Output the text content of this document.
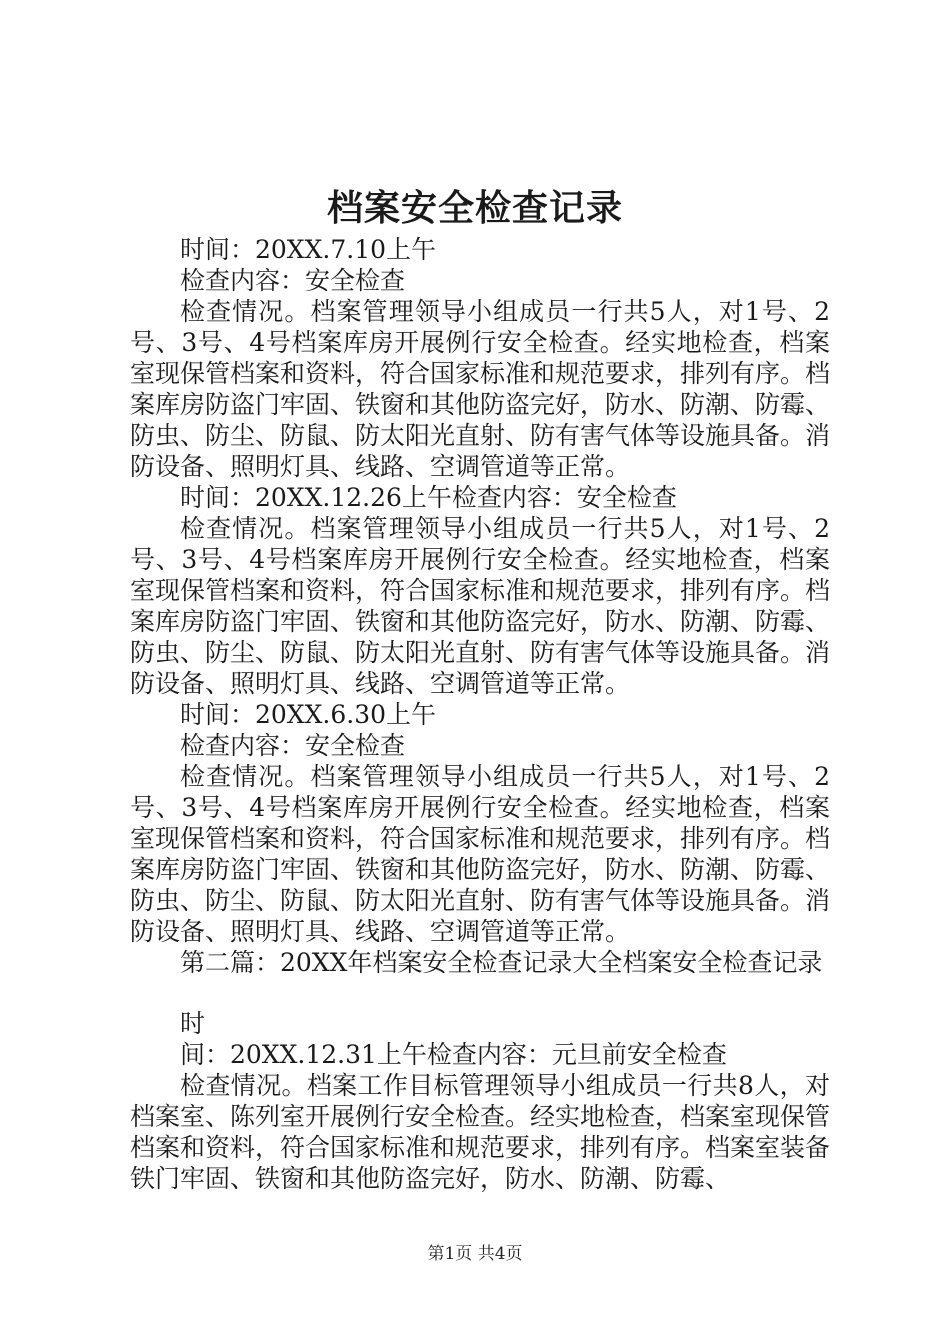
档案安全检查记录

时间：20XX.7.10上午

检查内容：安全检查

检查情况。档案管理领导小组成员一行共5人，对1号、2号、3号、4号档案库房开展例行安全检查。经实地检查，档案室现保管档案和资料，符合国家标准和规范要求，排列有序。档案库房防盗门牢固、铁窗和其他防盗完好，防水、防潮、防霉、防虫、防尘、防鼠、防太阳光直射、防有害气体等设施具备。消防设备、照明灯具、线路、空调管道等正常。

时间：20XX.12.26上午检查内容：安全检查

检查情况。档案管理领导小组成员一行共5人，对1号、2号、3号、4号档案库房开展例行安全检查。经实地检查，档案室现保管档案和资料，符合国家标准和规范要求，排列有序。档案库房防盗门牢固、铁窗和其他防盗完好，防水、防潮、防霉、防虫、防尘、防鼠、防太阳光直射、防有害气体等设施具备。消防设备、照明灯具、线路、空调管道等正常。

时间：20XX.6.30上午

检查内容：安全检查

检查情况。档案管理领导小组成员一行共5人，对1号、2号、3号、4号档案库房开展例行安全检查。经实地检查，档案室现保管档案和资料，符合国家标准和规范要求，排列有序。档案库房防盗门牢固、铁窗和其他防盗完好，防水、防潮、防霉、防虫、防尘、防鼠、防太阳光直射、防有害气体等设施具备。消防设备、照明灯具、线路、空调管道等正常。

第二篇：20XX年档案安全检查记录大全档案安全检查记录

时

间：20XX.12.31上午检查内容：元旦前安全检查

检查情况。档案工作目标管理领导小组成员一行共8人，对档案室、陈列室开展例行安全检查。经实地检查，档案室现保管档案和资料，符合国家标准和规范要求，排列有序。档案室装备铁门牢固、铁窗和其他防盗完好，防水、防潮、防霉、

第1页 共4页
